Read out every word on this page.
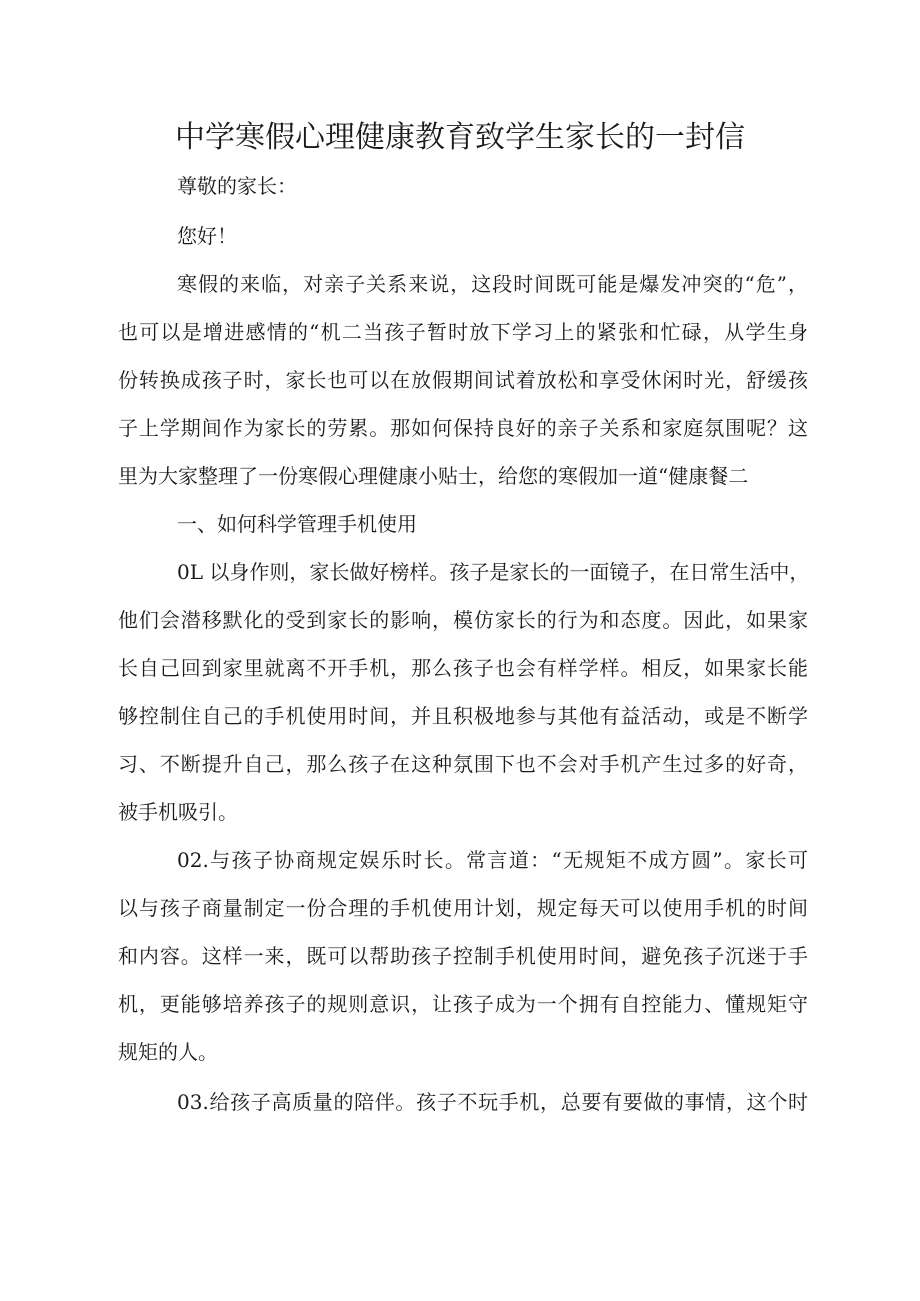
中学寒假心理健康教育致学生家长的一封信
尊敬的家长：
您好！
寒假的来临，对亲子关系来说，这段时间既可能是爆发冲突的“危”，
也可以是增进感情的“机二当孩子暂时放下学习上的紧张和忙碌，从学生身
份转换成孩子时，家长也可以在放假期间试着放松和享受休闲时光，舒缓孩
子上学期间作为家长的劳累。那如何保持良好的亲子关系和家庭氛围呢？这
里为大家整理了一份寒假心理健康小贴士，给您的寒假加一道“健康餐二
一、如何科学管理手机使用
0L 以身作则，家长做好榜样。孩子是家长的一面镜子，在日常生活中，
他们会潜移默化的受到家长的影响，模仿家长的行为和态度。因此，如果家
长自己回到家里就离不开手机，那么孩子也会有样学样。相反，如果家长能
够控制住自己的手机使用时间，并且积极地参与其他有益活动，或是不断学
习、不断提升自己，那么孩子在这种氛围下也不会对手机产生过多的好奇，
被手机吸引。
02.与孩子协商规定娱乐时长。常言道：“无规矩不成方圆”。家长可
以与孩子商量制定一份合理的手机使用计划，规定每天可以使用手机的时间
和内容。这样一来，既可以帮助孩子控制手机使用时间，避免孩子沉迷于手
机，更能够培养孩子的规则意识，让孩子成为一个拥有自控能力、懂规矩守
规矩的人。
03.给孩子高质量的陪伴。孩子不玩手机，总要有要做的事情，这个时
